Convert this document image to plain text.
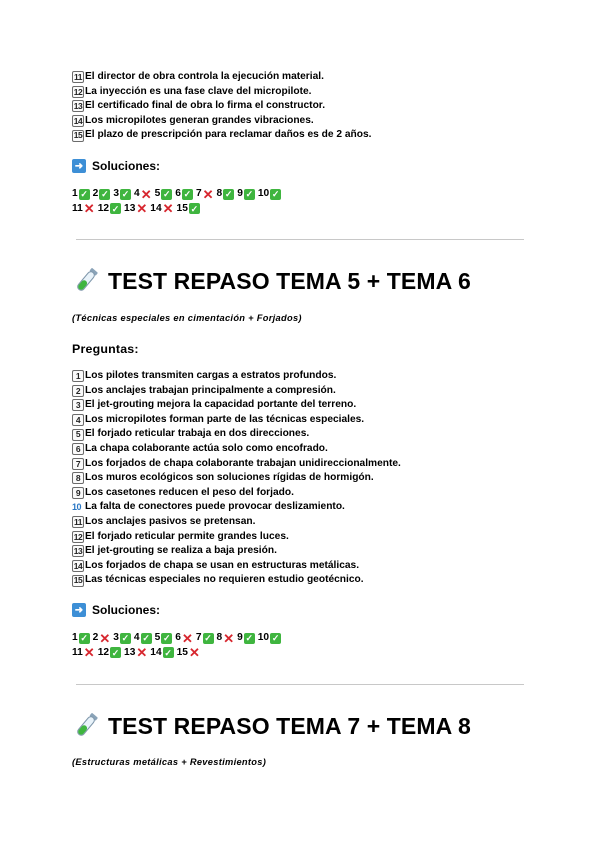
11 El director de obra controla la ejecución material.
12 La inyección es una fase clave del micropilote.
13 El certificado final de obra lo firma el constructor.
14 Los micropilotes generan grandes vibraciones.
15 El plazo de prescripción para reclamar daños es de 2 años.
➜ Soluciones:
1 ✓ 2 ✓ 3 ✓ 4 ✕ 5 ✓ 6 ✓ 7 ✕ 8 ✓ 9 ✓ 10 ✓
11 ✕ 12 ✓ 13 ✕ 14 ✕ 15 ✓
TEST REPASO TEMA 5 + TEMA 6
(Técnicas especiales en cimentación + Forjados)
Preguntas:
1 Los pilotes transmiten cargas a estratos profundos.
2 Los anclajes trabajan principalmente a compresión.
3 El jet-grouting mejora la capacidad portante del terreno.
4 Los micropilotes forman parte de las técnicas especiales.
5 El forjado reticular trabaja en dos direcciones.
6 La chapa colaborante actúa solo como encofrado.
7 Los forjados de chapa colaborante trabajan unidireccionalmente.
8 Los muros ecológicos son soluciones rígidas de hormigón.
9 Los casetones reducen el peso del forjado.
10 La falta de conectores puede provocar deslizamiento.
11 Los anclajes pasivos se pretensan.
12 El forjado reticular permite grandes luces.
13 El jet-grouting se realiza a baja presión.
14 Los forjados de chapa se usan en estructuras metálicas.
15 Las técnicas especiales no requieren estudio geotécnico.
➜ Soluciones:
1 ✓ 2 ✕ 3 ✓ 4 ✓ 5 ✓ 6 ✕ 7 ✓ 8 ✕ 9 ✓ 10 ✓
11 ✕ 12 ✓ 13 ✕ 14 ✓ 15 ✕
TEST REPASO TEMA 7 + TEMA 8
(Estructuras metálicas + Revestimientos)
